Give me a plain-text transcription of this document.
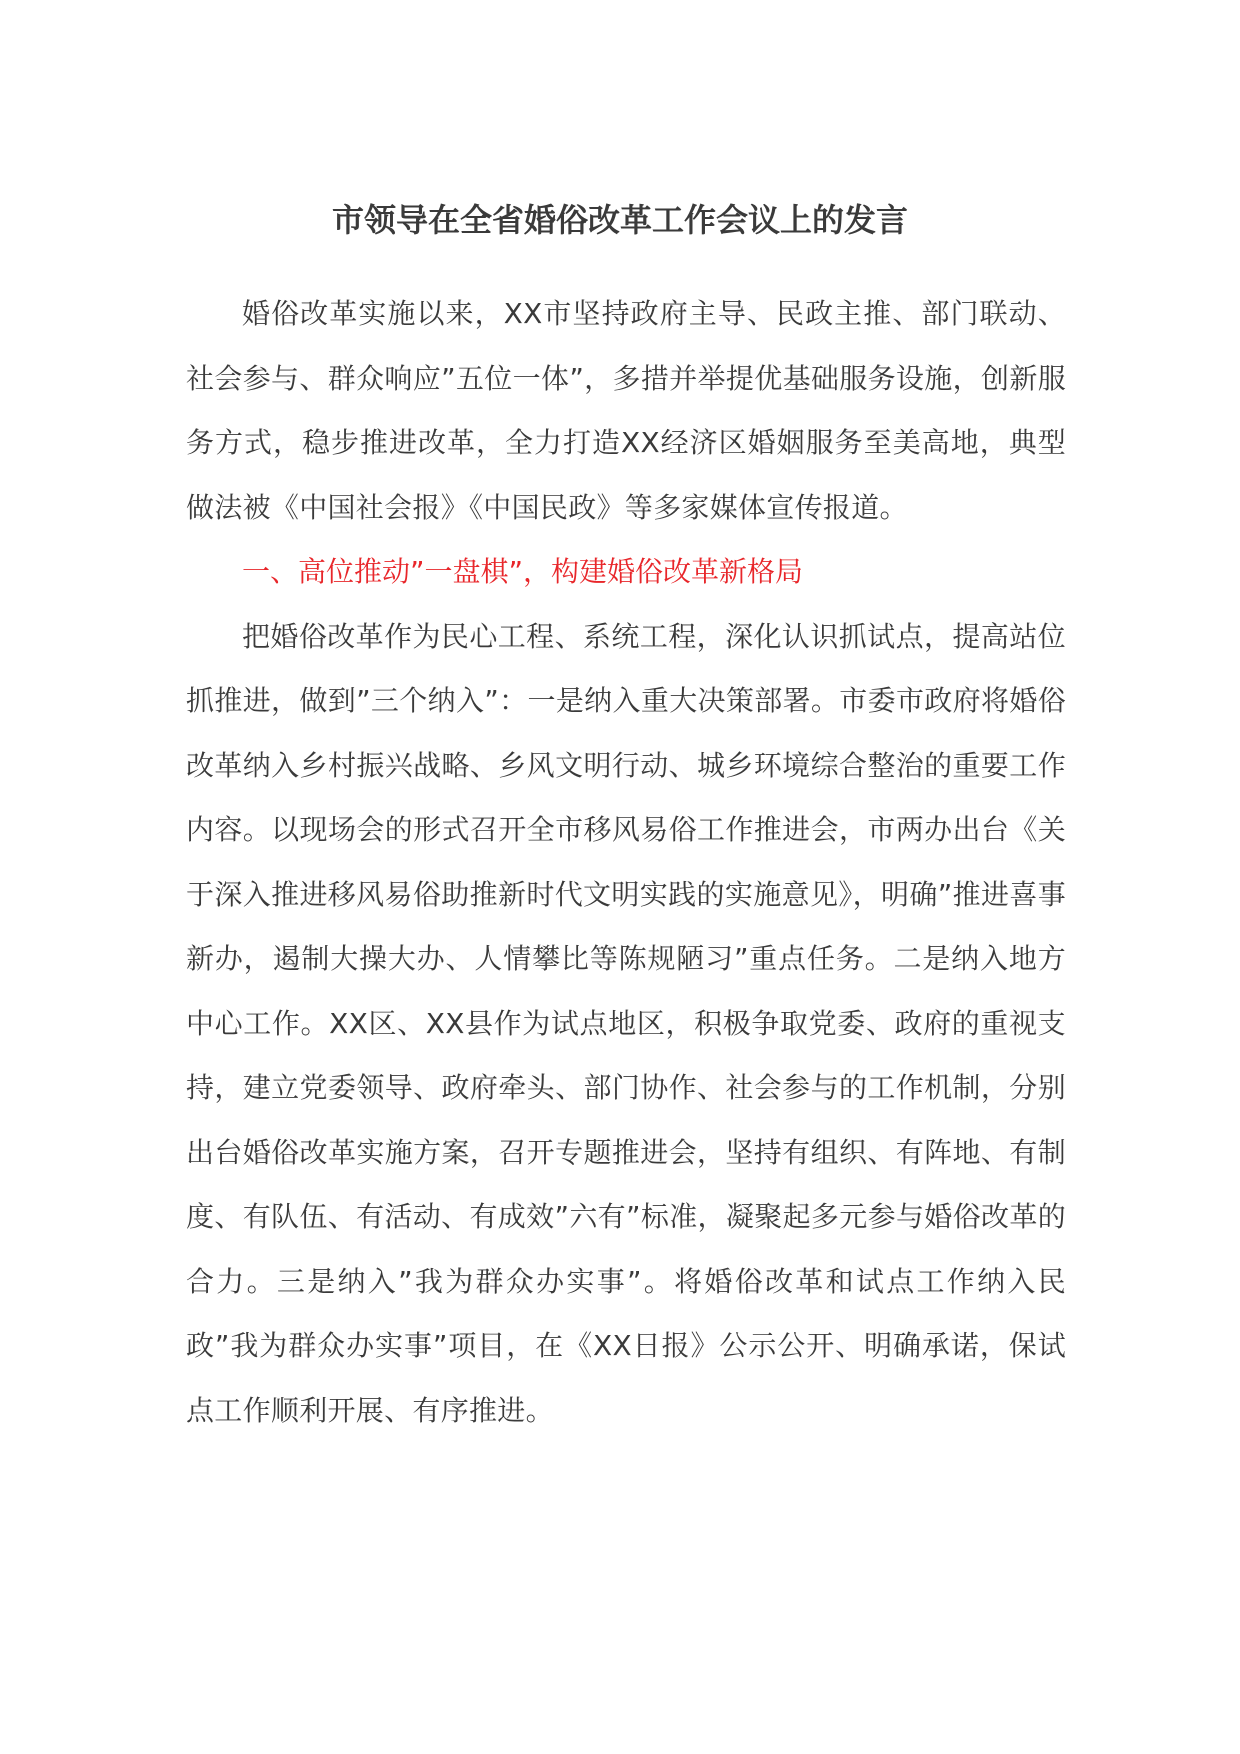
市领导在全省婚俗改革工作会议上的发言

婚俗改革实施以来，XX市坚持政府主导、民政主推、部门联动、社会参与、群众响应”五位一体”，多措并举提优基础服务设施，创新服务方式，稳步推进改革，全力打造XX经济区婚姻服务至美高地，典型做法被《中国社会报》《中国民政》等多家媒体宣传报道。

一、高位推动”一盘棋”，构建婚俗改革新格局

把婚俗改革作为民心工程、系统工程，深化认识抓试点，提高站位抓推进，做到”三个纳入”：一是纳入重大决策部署。市委市政府将婚俗改革纳入乡村振兴战略、乡风文明行动、城乡环境综合整治的重要工作内容。以现场会的形式召开全市移风易俗工作推进会，市两办出台《关于深入推进移风易俗助推新时代文明实践的实施意见》，明确”推进喜事新办，遏制大操大办、人情攀比等陈规陋习”重点任务。二是纳入地方中心工作。XX区、XX县作为试点地区，积极争取党委、政府的重视支持，建立党委领导、政府牵头、部门协作、社会参与的工作机制，分别出台婚俗改革实施方案，召开专题推进会，坚持有组织、有阵地、有制度、有队伍、有活动、有成效”六有”标准，凝聚起多元参与婚俗改革的合力。三是纳入”我为群众办实事”。将婚俗改革和试点工作纳入民政”我为群众办实事”项目，在《XX日报》公示公开、明确承诺，保试点工作顺利开展、有序推进。
